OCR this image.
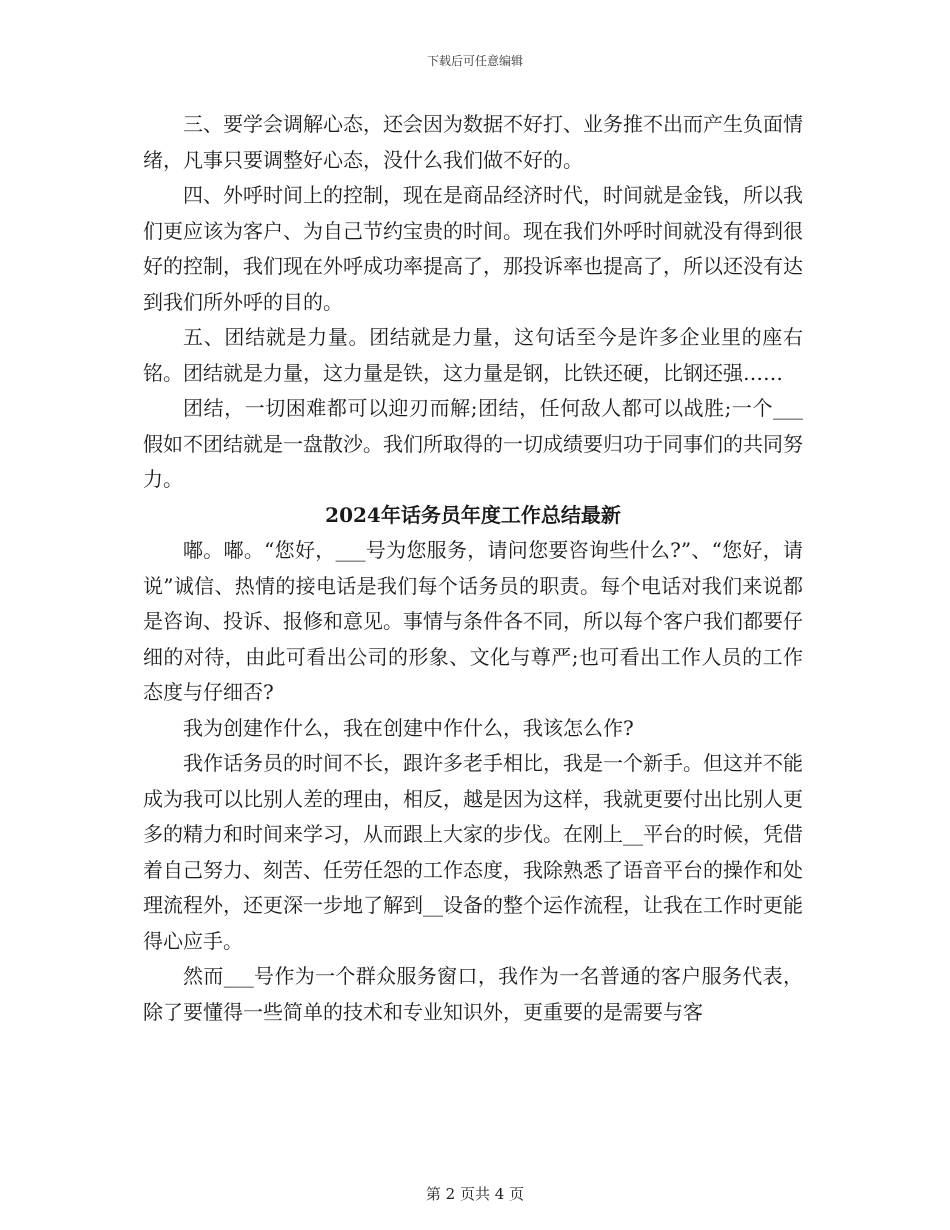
下载后可任意编辑

三、要学会调解心态，还会因为数据不好打、业务推不出而产生负面情绪，凡事只要调整好心态，没什么我们做不好的。

四、外呼时间上的控制，现在是商品经济时代，时间就是金钱，所以我们更应该为客户、为自己节约宝贵的时间。现在我们外呼时间就没有得到很好的控制，我们现在外呼成功率提高了，那投诉率也提高了，所以还没有达到我们所外呼的目的。

五、团结就是力量。团结就是力量，这句话至今是许多企业里的座右铭。团结就是力量，这力量是铁，这力量是钢，比铁还硬，比钢还强……

团结，一切困难都可以迎刃而解;团结，任何敌人都可以战胜;一个___假如不团结就是一盘散沙。我们所取得的一切成绩要归功于同事们的共同努力。

2024年话务员年度工作总结最新

嘟。嘟。“您好，___号为您服务，请问您要咨询些什么?”、“您好，请说”诚信、热情的接电话是我们每个话务员的职责。每个电话对我们来说都是咨询、投诉、报修和意见。事情与条件各不同，所以每个客户我们都要仔细的对待，由此可看出公司的形象、文化与尊严;也可看出工作人员的工作态度与仔细否?

我为创建作什么，我在创建中作什么，我该怎么作?

我作话务员的时间不长，跟许多老手相比，我是一个新手。但这并不能成为我可以比别人差的理由，相反，越是因为这样，我就更要付出比别人更多的精力和时间来学习，从而跟上大家的步伐。在刚上__平台的时候，凭借着自己努力、刻苦、任劳任怨的工作态度，我除熟悉了语音平台的操作和处理流程外，还更深一步地了解到__设备的整个运作流程，让我在工作时更能得心应手。

然而___号作为一个群众服务窗口，我作为一名普通的客户服务代表，除了要懂得一些简单的技术和专业知识外，更重要的是需要与客

第 2 页共 4 页
